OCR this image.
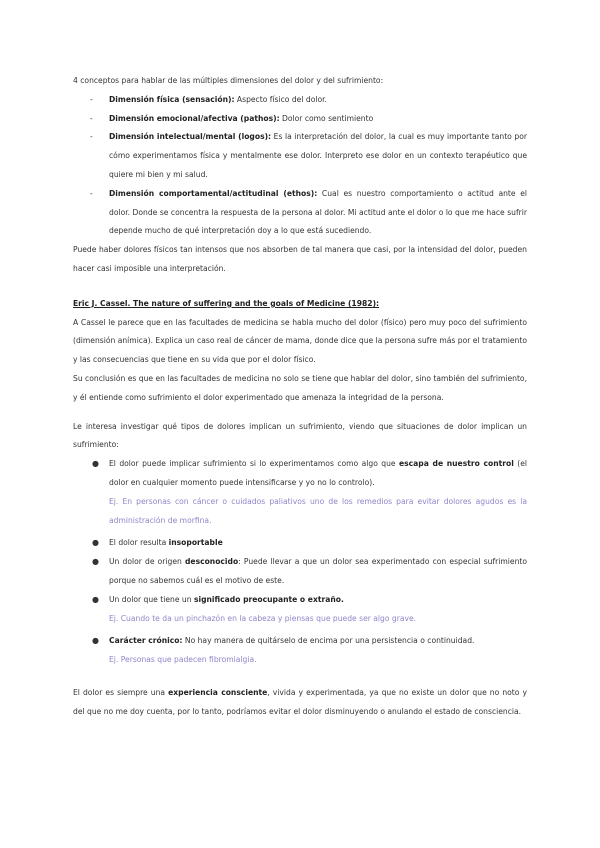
4 conceptos para hablar de las múltiples dimensiones del dolor y del sufrimiento:

- Dimensión física (sensación): Aspecto físico del dolor.
- Dimensión emocional/afectiva (pathos): Dolor como sentimiento
- Dimensión intelectual/mental (logos): Es la interpretación del dolor, la cual es muy importante tanto por cómo experimentamos física y mentalmente ese dolor. Interpreto ese dolor en un contexto terapéutico que quiere mi bien y mi salud.
- Dimensión comportamental/actitudinal (ethos): Cual es nuestro comportamiento o actitud ante el dolor. Donde se concentra la respuesta de la persona al dolor. Mi actitud ante el dolor o lo que me hace sufrir depende mucho de qué interpretación doy a lo que está sucediendo.

Puede haber dolores físicos tan intensos que nos absorben de tal manera que casi, por la intensidad del dolor, pueden hacer casi imposible una interpretación.

Eric J. Cassel. The nature of suffering and the goals of Medicine (1982):

A Cassel le parece que en las facultades de medicina se habla mucho del dolor (físico) pero muy poco del sufrimiento (dimensión anímica). Explica un caso real de cáncer de mama, donde dice que la persona sufre más por el tratamiento y las consecuencias que tiene en su vida que por el dolor físico.

Su conclusión es que en las facultades de medicina no solo se tiene que hablar del dolor, sino también del sufrimiento, y él entiende como sufrimiento el dolor experimentado que amenaza la integridad de la persona.

Le interesa investigar qué tipos de dolores implican un sufrimiento, viendo que situaciones de dolor implican un sufrimiento:

● El dolor puede implicar sufrimiento si lo experimentamos como algo que escapa de nuestro control (el dolor en cualquier momento puede intensificarse y yo no lo controlo).
Ej. En personas con cáncer o cuidados paliativos uno de los remedios para evitar dolores agudos es la administración de morfina.
● El dolor resulta insoportable
● Un dolor de origen desconocido: Puede llevar a que un dolor sea experimentado con especial sufrimiento porque no sabemos cuál es el motivo de este.
● Un dolor que tiene un significado preocupante o extraño.
Ej. Cuando te da un pinchazón en la cabeza y piensas que puede ser algo grave.
● Carácter crónico: No hay manera de quitárselo de encima por una persistencia o continuidad.
Ej. Personas que padecen fibromialgia.

El dolor es siempre una experiencia consciente, vivida y experimentada, ya que no existe un dolor que no noto y del que no me doy cuenta, por lo tanto, podríamos evitar el dolor disminuyendo o anulando el estado de consciencia.
